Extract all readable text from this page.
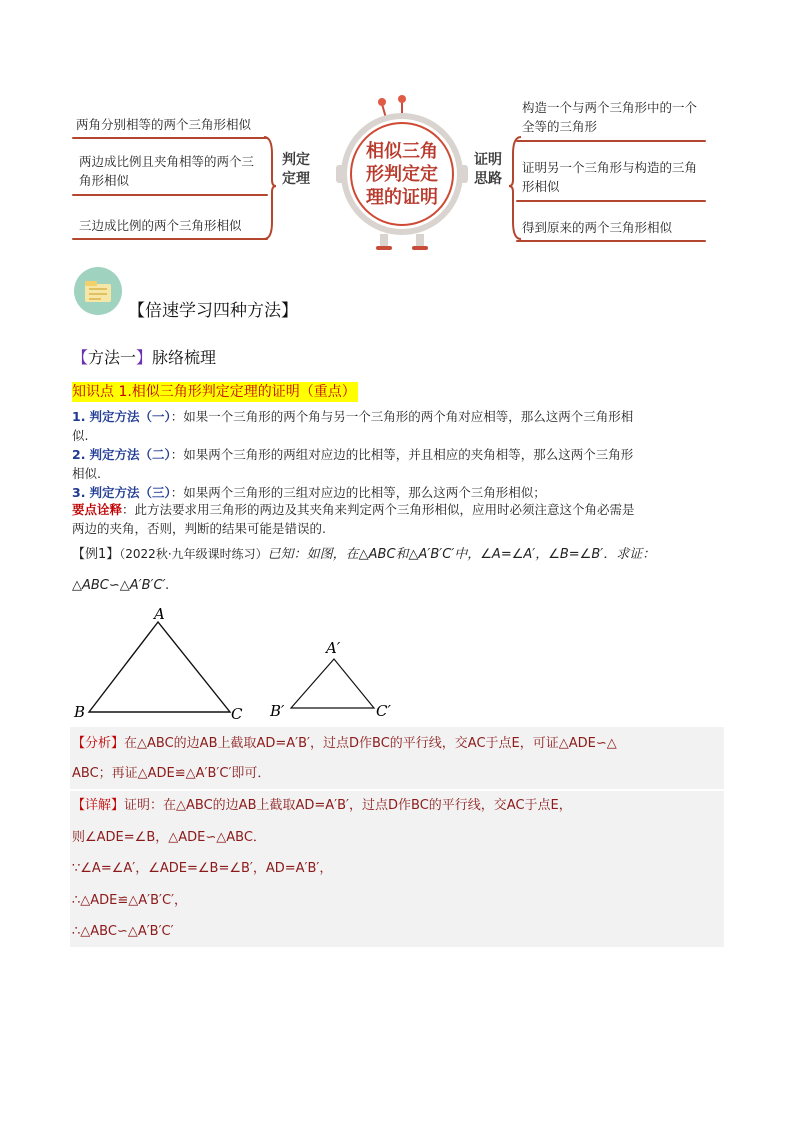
两角分别相等的两个三角形相似
两边成比例且夹角相等的两个三角形相似
三边成比例的两个三角形相似
判定定理
相似三角形判定定理的证明
证明思路
构造一个与两个三角形中的一个全等的三角形
证明另一个三角形与构造的三角形相似
得到原来的两个三角形相似
【倍速学习四种方法】
【方法一】脉络梳理
知识点 1.相似三角形判定定理的证明（重点）
1. 判定方法（一）：如果一个三角形的两个角与另一个三角形的两个角对应相等，那么这两个三角形相
似.
2. 判定方法（二）：如果两个三角形的两组对应边的比相等，并且相应的夹角相等，那么这两个三角形
相似.
3. 判定方法（三）：如果两个三角形的三组对应边的比相等，那么这两个三角形相似；
要点诠释：此方法要求用三角形的两边及其夹角来判定两个三角形相似，应用时必须注意这个角必需是
两边的夹角，否则，判断的结果可能是错误的.
【例1】（2022秋·九年级课时练习）已知：如图，在△ABC和△A′B′C′中，∠A=∠A′，∠B=∠B′．求证：
△ABC∽△A′B′C′.
A
B	C
A′
B′	C′
【分析】在△ABC的边AB上截取AD=A′B′，过点D作BC的平行线，交AC于点E，可证△ADE∽△
ABC；再证△ADE≌△A′B′C′即可．
【详解】证明：在△ABC的边AB上截取AD=A′B′，过点D作BC的平行线，交AC于点E，
则∠ADE=∠B，△ADE∽△ABC．
∵∠A=∠A′，∠ADE=∠B=∠B′，AD=A′B′，
∴△ADE≌△A′B′C′，
∴△ABC∽△A′B′C′
